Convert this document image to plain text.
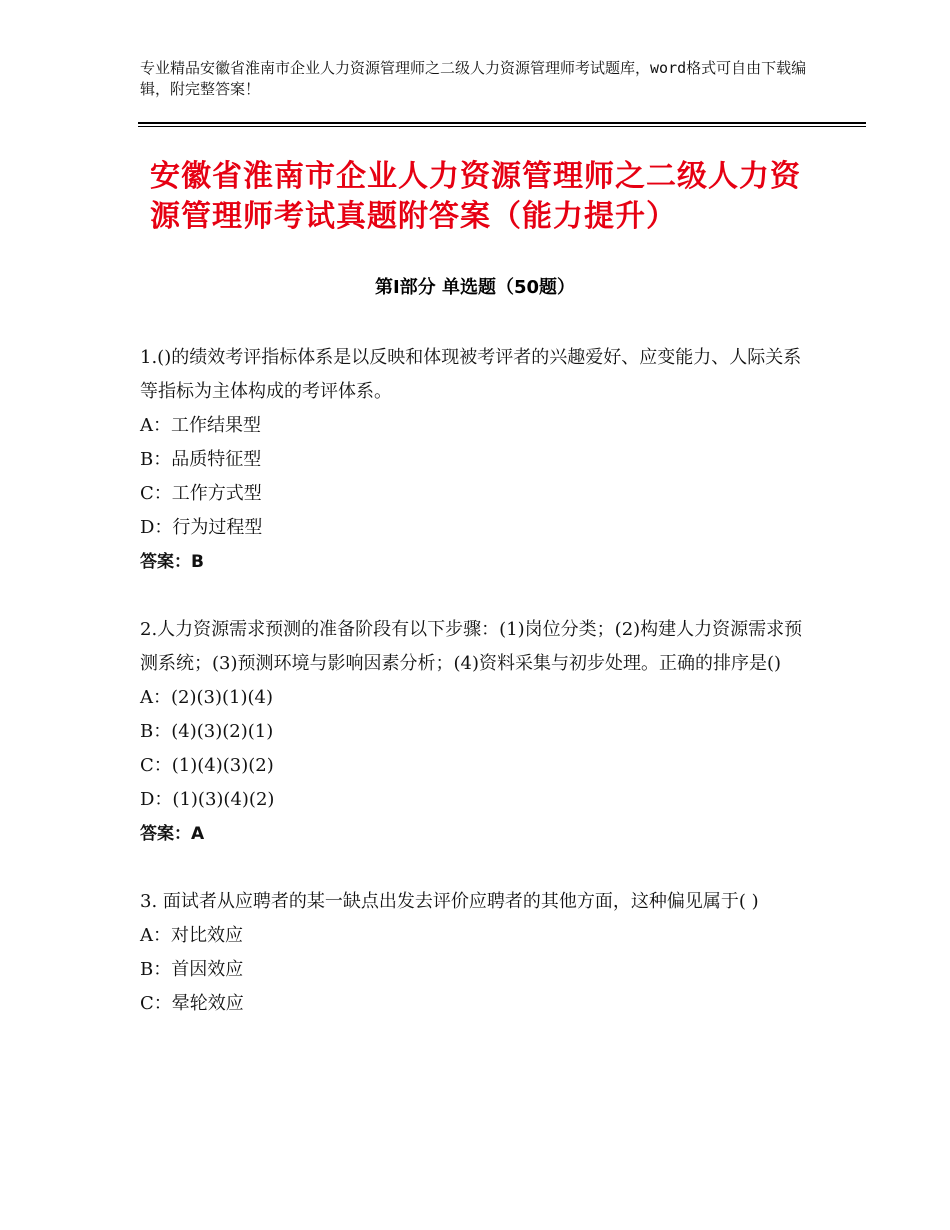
专业精品安徽省淮南市企业人力资源管理师之二级人力资源管理师考试题库，word格式可自由下载编辑，附完整答案！
安徽省淮南市企业人力资源管理师之二级人力资源管理师考试真题附答案（能力提升）
第Ⅰ部分 单选题（50题）

1.()的绩效考评指标体系是以反映和体现被考评者的兴趣爱好、应变能力、人际关系等指标为主体构成的考评体系。

A：工作结果型

B：品质特征型

C：工作方式型

D：行为过程型

答案：B

2.人力资源需求预测的准备阶段有以下步骤：(1)岗位分类；(2)构建人力资源需求预测系统；(3)预测环境与影响因素分析；(4)资料采集与初步处理。正确的排序是()

A：(2)(3)(1)(4)

B：(4)(3)(2)(1)

C：(1)(4)(3)(2)

D：(1)(3)(4)(2)

答案：A

3. 面试者从应聘者的某一缺点出发去评价应聘者的其他方面，这种偏见属于( )

A：对比效应

B：首因效应

C：晕轮效应
